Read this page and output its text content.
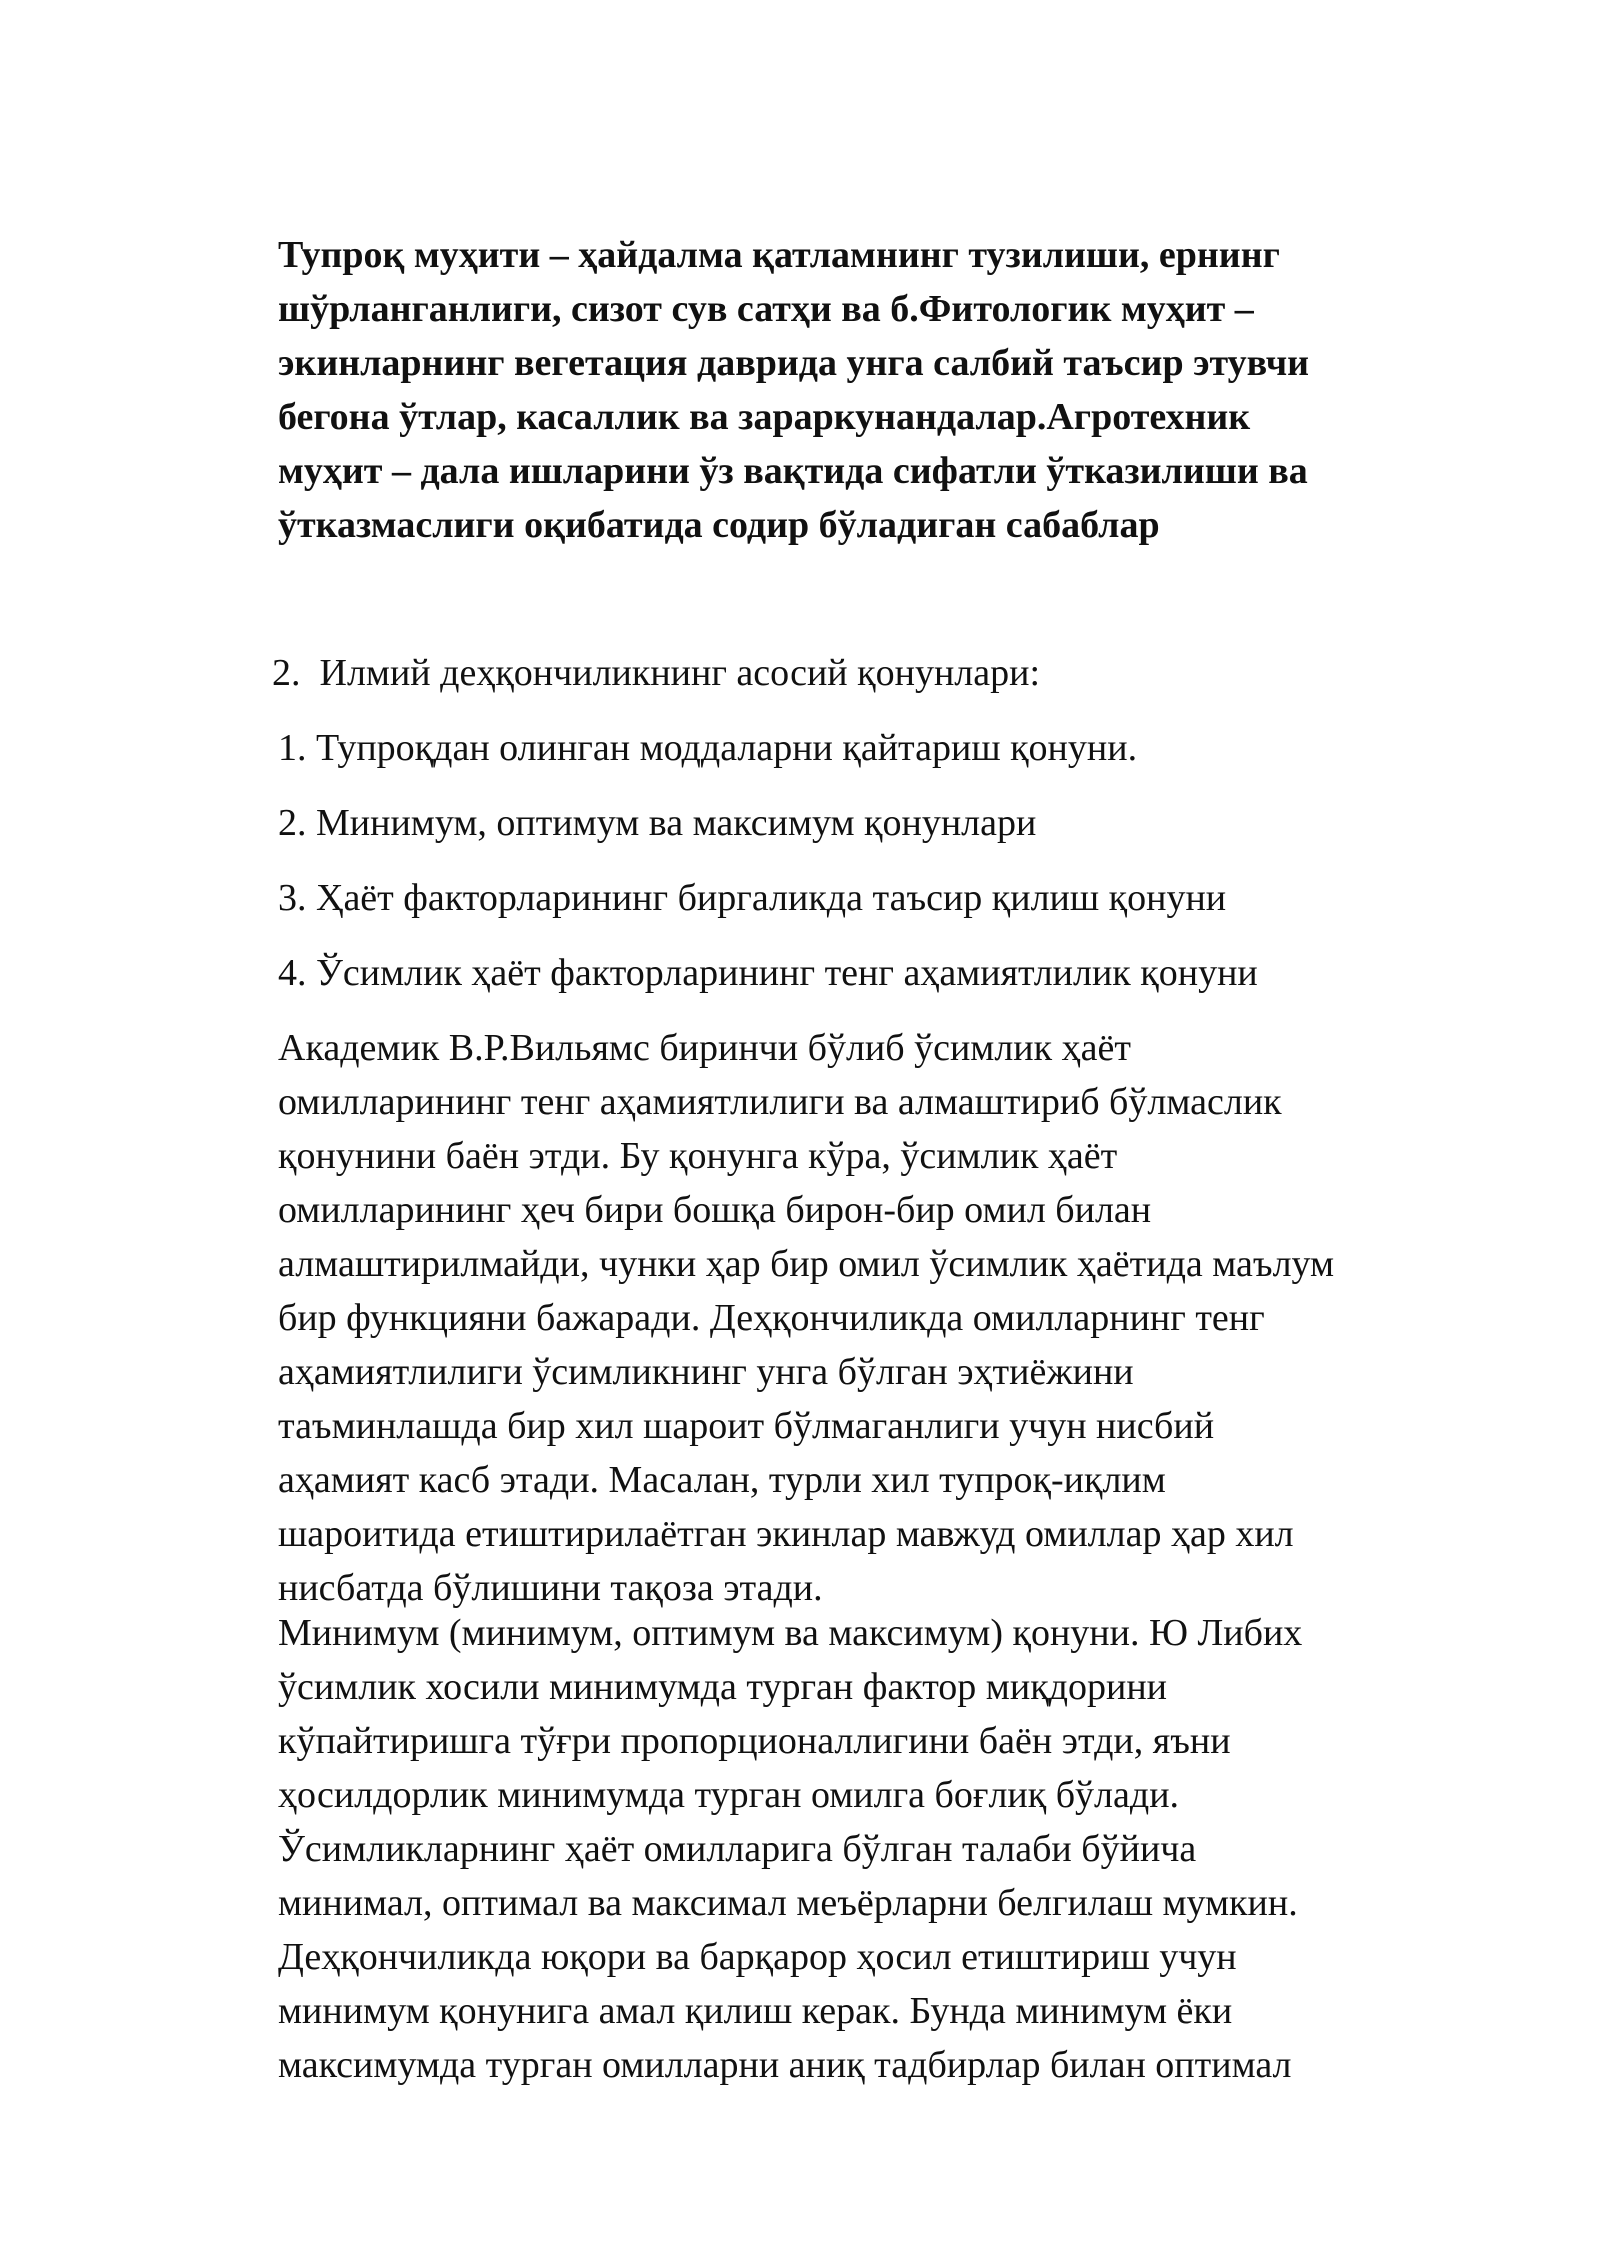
Тупроқ муҳити – ҳайдалма қатламнинг тузилиши, ернинг

шўрланганлиги, сизот сув сатҳи ва б.Фитологик муҳит –

экинларнинг вегетация даврида унга салбий таъсир этувчи

бегона ўтлар, касаллик ва зараркунандалар.Агротехник

муҳит – дала ишларини ўз вақтида сифатли ўтказилиши ва

ўтказмаслиги оқибатида содир бўладиган сабаблар

2.  Илмий деҳқончиликнинг асосий қонунлари:

1. Тупроқдан олинган моддаларни қайтариш қонуни.

2. Минимум, оптимум ва максимум қонунлари

3. Ҳаёт факторларининг биргаликда таъсир қилиш қонуни

4. Ўсимлик ҳаёт факторларининг тенг аҳамиятлилик қонуни

Академик В.Р.Вильямс биринчи бўлиб ўсимлик ҳаёт

омилларининг тенг аҳамиятлилиги ва алмаштириб бўлмаслик

қонунини баён этди. Бу қонунга кўра, ўсимлик ҳаёт

омилларининг ҳеч бири бошқа бирон-бир омил билан

алмаштирилмайди, чунки ҳар бир омил ўсимлик ҳаётида маълум

бир функцияни бажаради. Деҳқончиликда омилларнинг тенг

аҳамиятлилиги ўсимликнинг унга бўлган эҳтиёжини

таъминлашда бир хил шароит бўлмаганлиги учун нисбий

аҳамият касб этади. Масалан, турли хил тупроқ-иқлим

шароитида етиштирилаётган экинлар мавжуд омиллар ҳар хил

нисбатда бўлишини тақоза этади.

Минимум (минимум, оптимум ва максимум) қонуни. Ю Либих

ўсимлик хосили минимумда турган фактор миқдорини

кўпайтиришга тўғри пропорционаллигини баён этди, яъни

ҳосилдорлик минимумда турган омилга боғлиқ бўлади.

Ўсимликларнинг ҳаёт омилларига бўлган талаби бўйича

минимал, оптимал ва максимал меъёрларни белгилаш мумкин.

Деҳқончиликда юқори ва барқарор ҳосил етиштириш учун

минимум қонунига амал қилиш керак. Бунда минимум ёки

максимумда турган омилларни аниқ тадбирлар билан оптимал
